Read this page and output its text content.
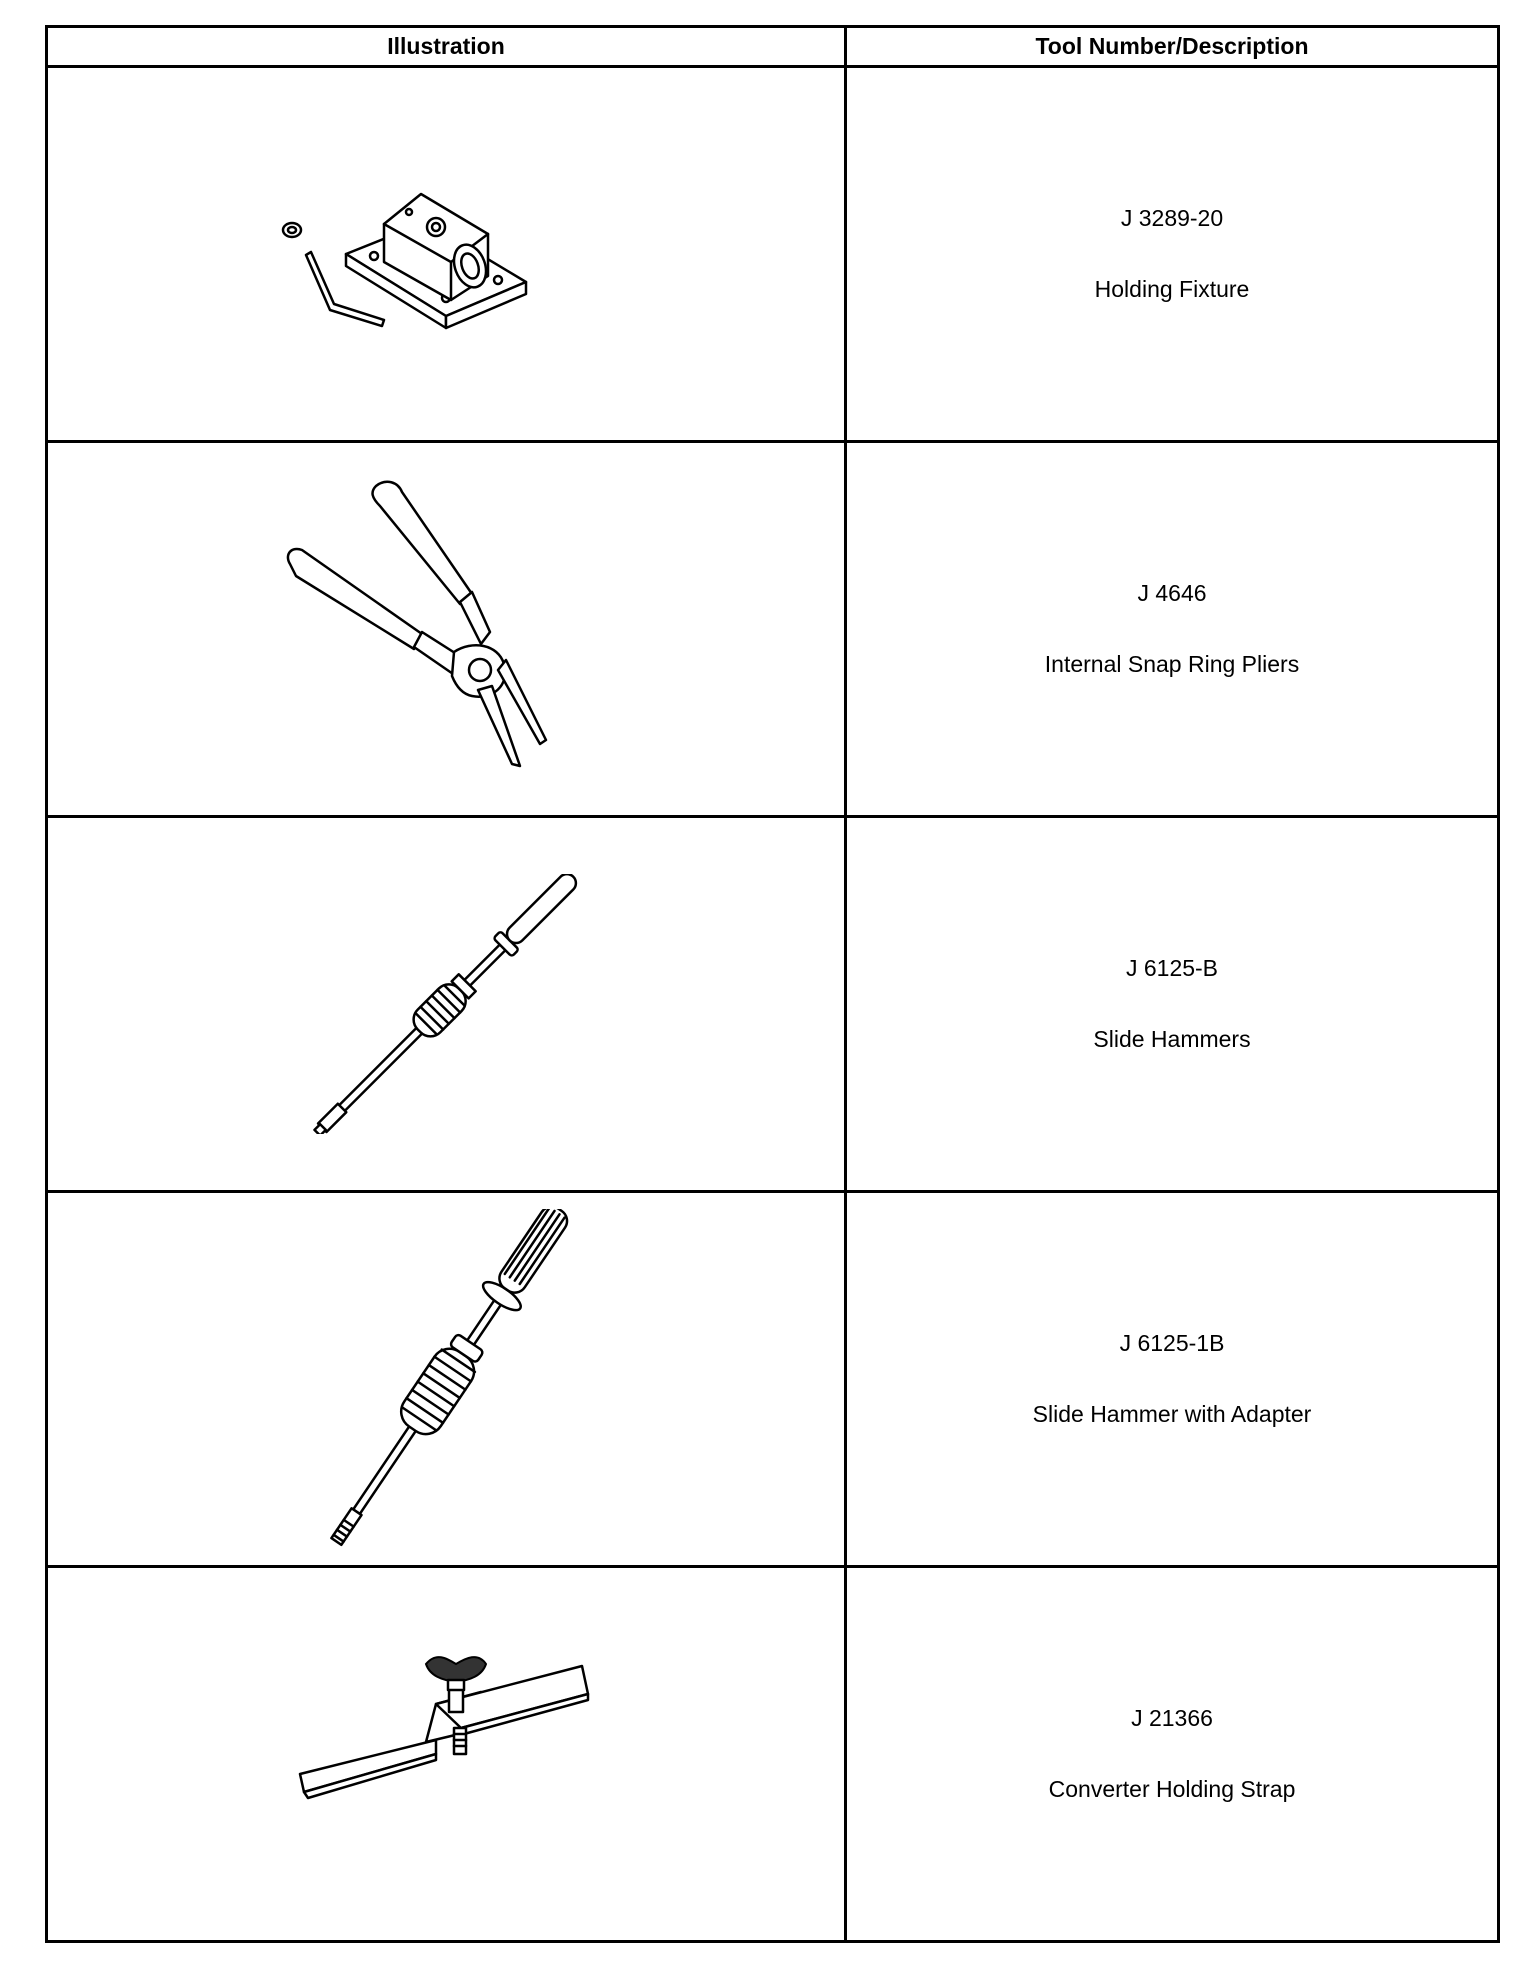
Illustration	Tool Number/Description

J 3289-20
Holding Fixture

J 4646
Internal Snap Ring Pliers

J 6125-B
Slide Hammers

J 6125-1B
Slide Hammer with Adapter

J 21366
Converter Holding Strap
